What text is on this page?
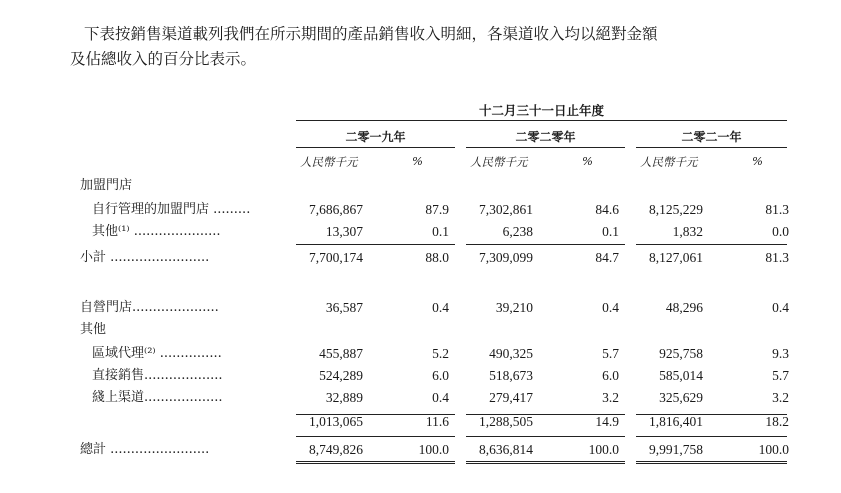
下表按銷售渠道載列我們在所示期間的產品銷售收入明細，各渠道收入均以絕對金額
及佔總收入的百分比表示。
十二月三十一日止年度
二零一九年	二零二零年	二零二一年
人民幣千元	%	人民幣千元	%	人民幣千元	%
加盟門店
自行管理的加盟門店 .........	7,686,867	87.9	7,302,861	84.6	8,125,229	81.3
其他⁽¹⁾ .....................	13,307	0.1	6,238	0.1	1,832	0.0
小計 ........................	7,700,174	88.0	7,309,099	84.7	8,127,061	81.3
自營門店.....................	36,587	0.4	39,210	0.4	48,296	0.4
其他
區域代理⁽²⁾ ...............	455,887	5.2	490,325	5.7	925,758	9.3
直接銷售...................	524,289	6.0	518,673	6.0	585,014	5.7
綫上渠道...................	32,889	0.4	279,417	3.2	325,629	3.2
1,013,065	11.6	1,288,505	14.9	1,816,401	18.2
總計 ........................	8,749,826	100.0	8,636,814	100.0	9,991,758	100.0
